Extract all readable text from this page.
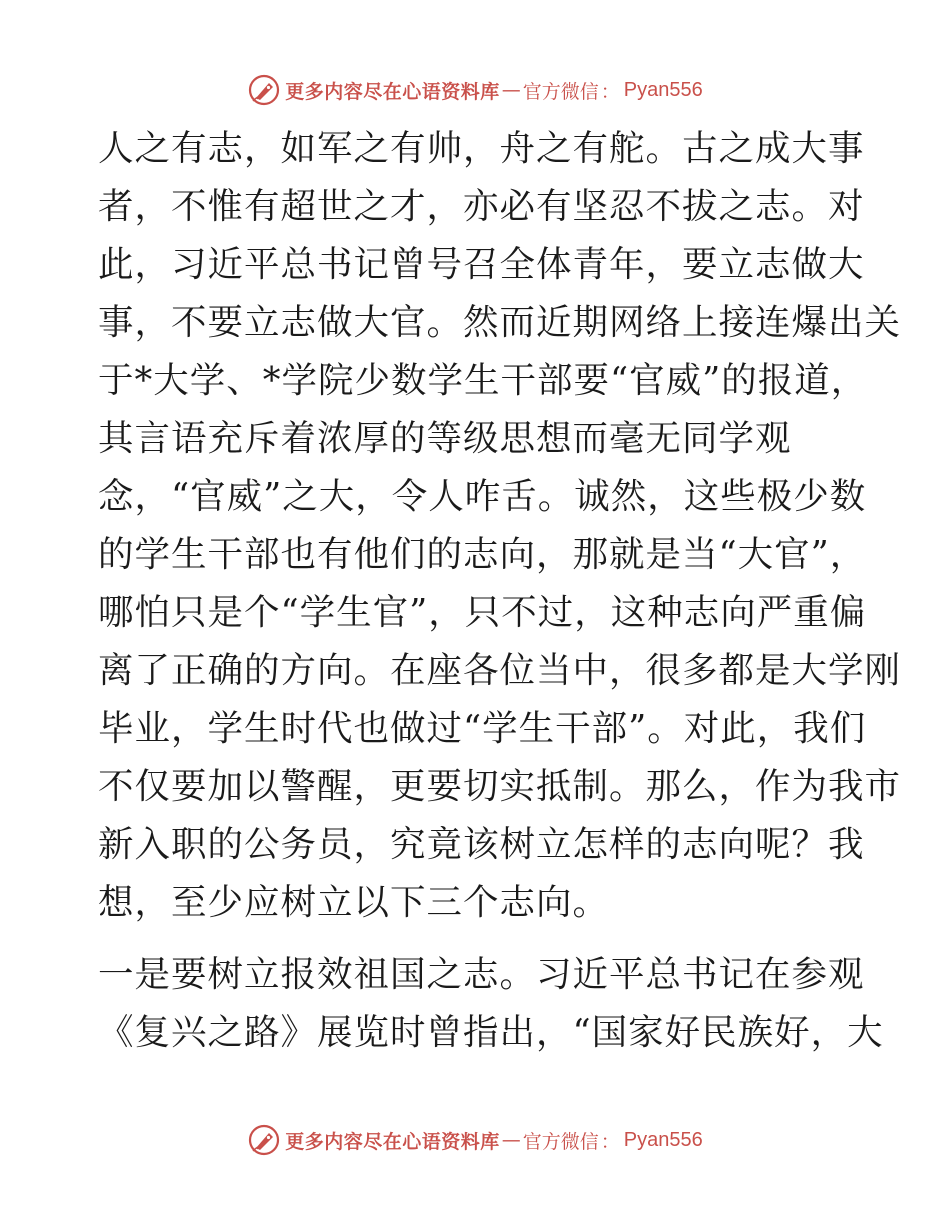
更多内容尽在心语资料库 — 官方微信 ： Pyan556
人之有志，如军之有帅，舟之有舵。古之成大事
者，不惟有超世之才，亦必有坚忍不拔之志。对
此，习近平总书记曾号召全体青年，要立志做大
事，不要立志做大官。然而近期网络上接连爆出关
于*大学、*学院少数学生干部要“官威”的报道，
其言语充斥着浓厚的等级思想而毫无同学观
念，“官威”之大，令人咋舌。诚然，这些极少数
的学生干部也有他们的志向，那就是当“大官”，
哪怕只是个“学生官”，只不过，这种志向严重偏
离了正确的方向。在座各位当中，很多都是大学刚
毕业，学生时代也做过“学生干部”。对此，我们
不仅要加以警醒，更要切实抵制。那么，作为我市
新入职的公务员，究竟该树立怎样的志向呢？我
想，至少应树立以下三个志向。
一是要树立报效祖国之志。习近平总书记在参观
《复兴之路》展览时曾指出，“国家好民族好，大
更多内容尽在心语资料库 — 官方微信 ： Pyan556
